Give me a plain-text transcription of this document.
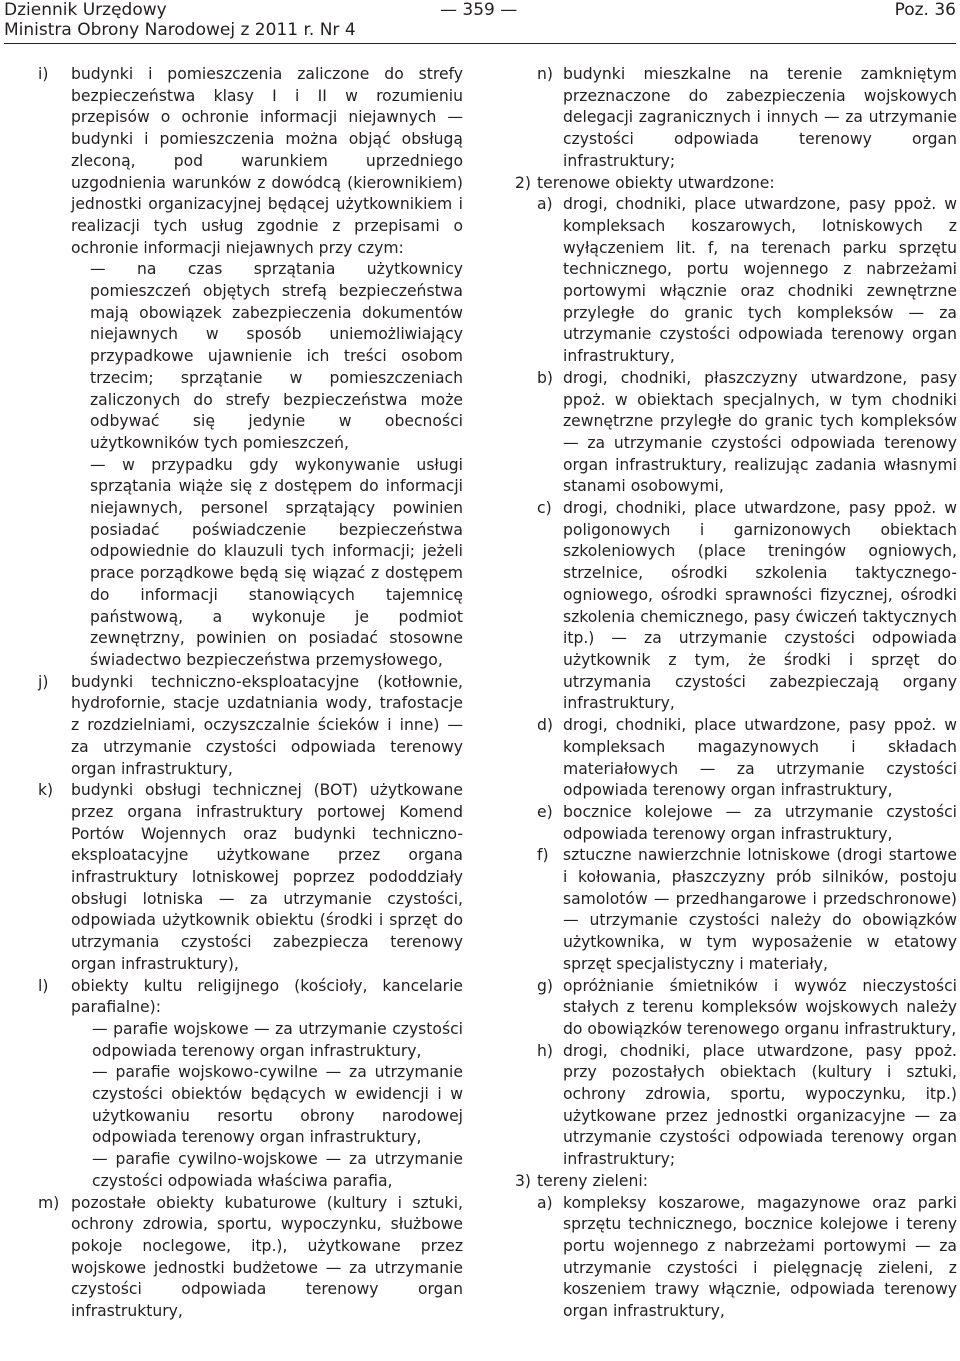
Dziennik Urzędowy
Ministra Obrony Narodowej z 2011 r. Nr 4
— 359 —	Poz. 36

i) budynki i pomieszczenia zaliczone do strefy bezpieczeństwa klasy I i II w rozumieniu przepisów o ochronie informacji niejawnych — budynki i pomieszczenia można objąć obsługą zleconą, pod warunkiem uprzedniego uzgodnienia warunków z dowódcą (kierownikiem) jednostki organizacyjnej będącej użytkownikiem i realizacji tych usług zgodnie z przepisami o ochronie informacji niejawnych przy czym:

— na czas sprzątania użytkownicy pomieszczeń objętych strefą bezpieczeństwa mają obowiązek zabezpieczenia dokumentów niejawnych w sposób uniemożliwiający przypadkowe ujawnienie ich treści osobom trzecim; sprzątanie w pomieszczeniach zaliczonych do strefy bezpieczeństwa może odbywać się jedynie w obecności użytkowników tych pomieszczeń,

— w przypadku gdy wykonywanie usługi sprzątania wiąże się z dostępem do informacji niejawnych, personel sprzątający powinien posiadać poświadczenie bezpieczeństwa odpowiednie do klauzuli tych informacji; jeżeli prace porządkowe będą się wiązać z dostępem do informacji stanowiących tajemnicę państwową, a wykonuje je podmiot zewnętrzny, powinien on posiadać stosowne świadectwo bezpieczeństwa przemysłowego,

j) budynki techniczno-eksploatacyjne (kotłownie, hydrofornie, stacje uzdatniania wody, trafostacje z rozdzielniami, oczyszczalnie ścieków i inne) — za utrzymanie czystości odpowiada terenowy organ infrastruktury,

k) budynki obsługi technicznej (BOT) użytkowane przez organa infrastruktury portowej Komend Portów Wojennych oraz budynki techniczno-eksploatacyjne użytkowane przez organa infrastruktury lotniskowej poprzez pododdziały obsługi lotniska — za utrzymanie czystości, odpowiada użytkownik obiektu (środki i sprzęt do utrzymania czystości zabezpiecza terenowy organ infrastruktury),

l) obiekty kultu religijnego (kościoły, kancelarie parafialne):

— parafie wojskowe — za utrzymanie czystości odpowiada terenowy organ infrastruktury,

— parafie wojskowo-cywilne — za utrzymanie czystości obiektów będących w ewidencji i w użytkowaniu resortu obrony narodowej odpowiada terenowy organ infrastruktury,

— parafie cywilno-wojskowe — za utrzymanie czystości odpowiada właściwa parafia,

m) pozostałe obiekty kubaturowe (kultury i sztuki, ochrony zdrowia, sportu, wypoczynku, służbowe pokoje noclegowe, itp.), użytkowane przez wojskowe jednostki budżetowe — za utrzymanie czystości odpowiada terenowy organ infrastruktury,

n) budynki mieszkalne na terenie zamkniętym przeznaczone do zabezpieczenia wojskowych delegacji zagranicznych i innych — za utrzymanie czystości odpowiada terenowy organ infrastruktury;

2) terenowe obiekty utwardzone:

a) drogi, chodniki, place utwardzone, pasy ppoż. w kompleksach koszarowych, lotniskowych z wyłączeniem lit. f, na terenach parku sprzętu technicznego, portu wojennego z nabrzeżami portowymi włącznie oraz chodniki zewnętrzne przyległe do granic tych kompleksów — za utrzymanie czystości odpowiada terenowy organ infrastruktury,

b) drogi, chodniki, płaszczyzny utwardzone, pasy ppoż. w obiektach specjalnych, w tym chodniki zewnętrzne przyległe do granic tych kompleksów — za utrzymanie czystości odpowiada terenowy organ infrastruktury, realizując zadania własnymi stanami osobowymi,

c) drogi, chodniki, place utwardzone, pasy ppoż. w poligonowych i garnizonowych obiektach szkoleniowych (place treningów ogniowych, strzelnice, ośrodki szkolenia taktycznego-ogniowego, ośrodki sprawności fizycznej, ośrodki szkolenia chemicznego, pasy ćwiczeń taktycznych itp.) — za utrzymanie czystości odpowiada użytkownik z tym, że środki i sprzęt do utrzymania czystości zabezpieczają organy infrastruktury,

d) drogi, chodniki, place utwardzone, pasy ppoż. w kompleksach magazynowych i składach materiałowych — za utrzymanie czystości odpowiada terenowy organ infrastruktury,

e) bocznice kolejowe — za utrzymanie czystości odpowiada terenowy organ infrastruktury,

f) sztuczne nawierzchnie lotniskowe (drogi startowe i kołowania, płaszczyzny prób silników, postoju samolotów — przedhangarowe i przedschronowe) — utrzymanie czystości należy do obowiązków użytkownika, w tym wyposażenie w etatowy sprzęt specjalistyczny i materiały,

g) opróżnianie śmietników i wywóz nieczystości stałych z terenu kompleksów wojskowych należy do obowiązków terenowego organu infrastruktury,

h) drogi, chodniki, place utwardzone, pasy ppoż. przy pozostałych obiektach (kultury i sztuki, ochrony zdrowia, sportu, wypoczynku, itp.) użytkowane przez jednostki organizacyjne — za utrzymanie czystości odpowiada terenowy organ infrastruktury;

3) tereny zieleni:

a) kompleksy koszarowe, magazynowe oraz parki sprzętu technicznego, bocznice kolejowe i tereny portu wojennego z nabrzeżami portowymi — za utrzymanie czystości i pielęgnację zieleni, z koszeniem trawy włącznie, odpowiada terenowy organ infrastruktury,
